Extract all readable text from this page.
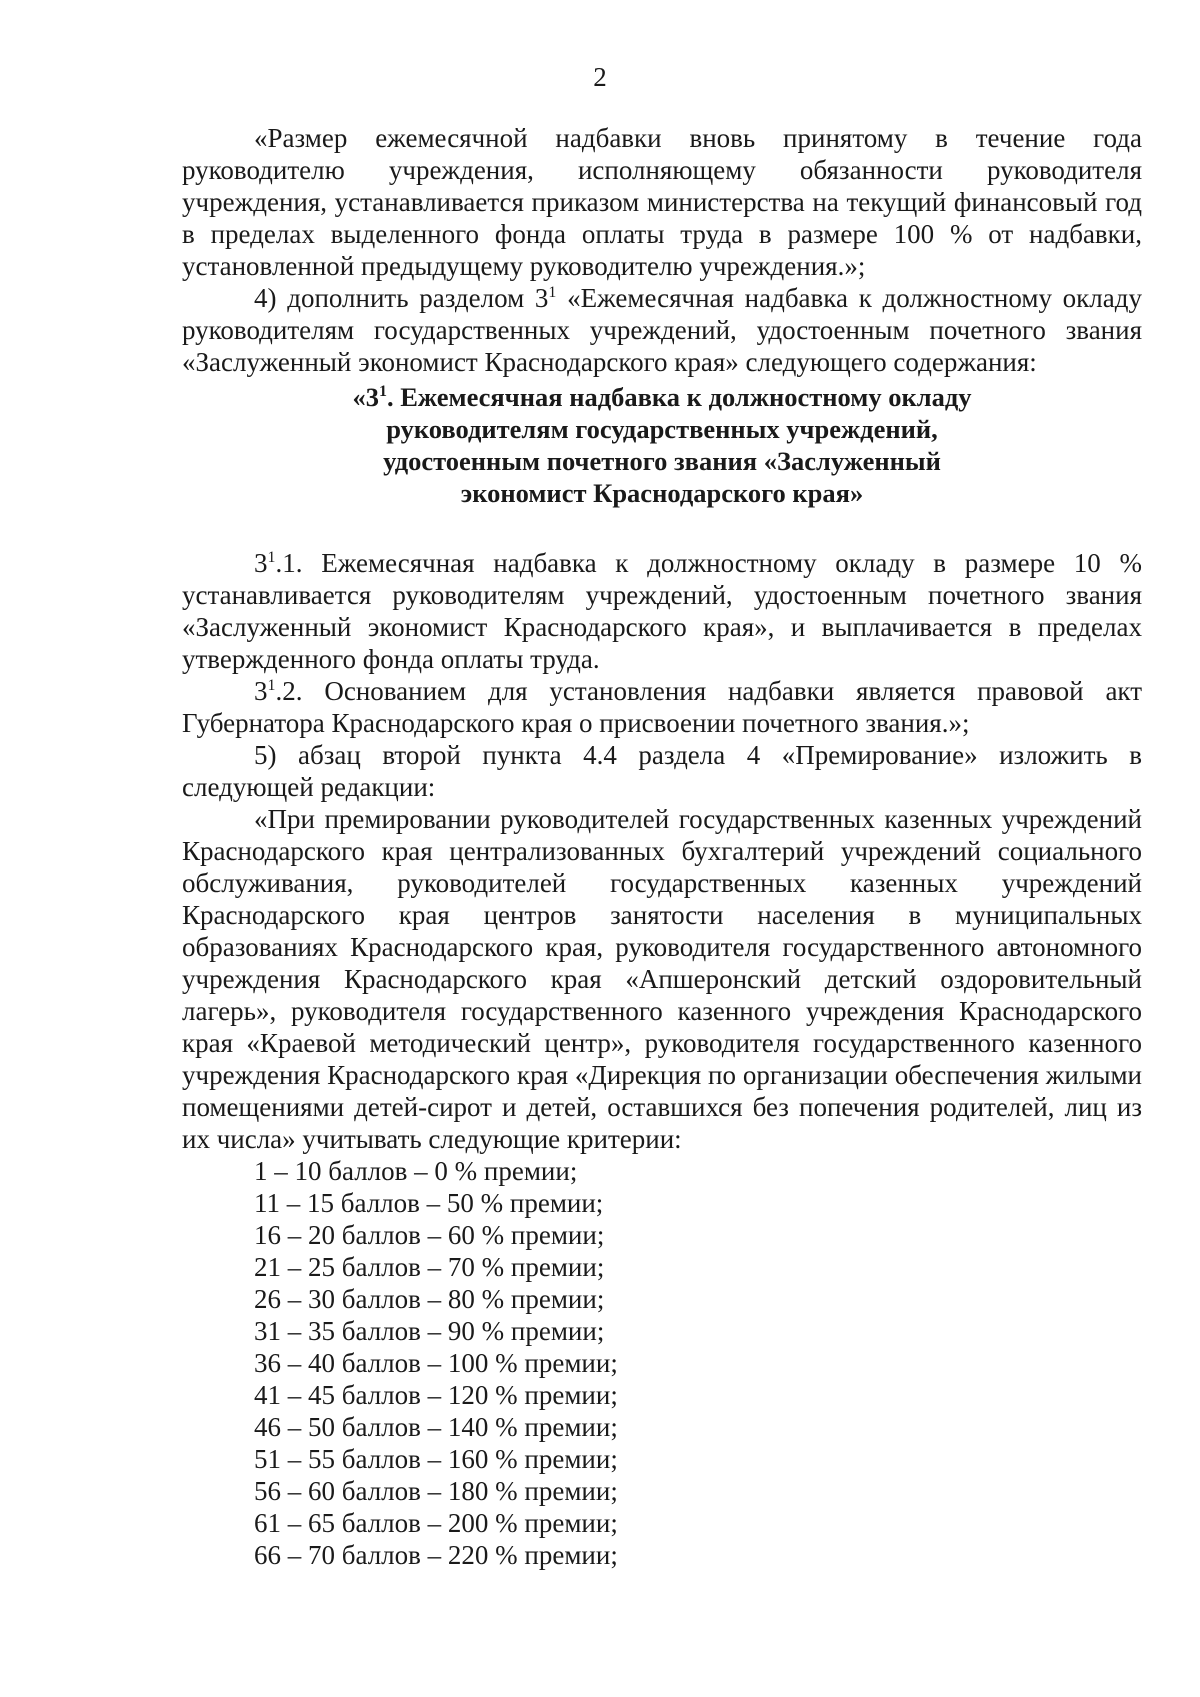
2

«Размер ежемесячной надбавки вновь принятому в течение года руководителю учреждения, исполняющему обязанности руководителя учреждения, устанавливается приказом министерства на текущий финансовый год в пределах выделенного фонда оплаты труда в размере 100 % от надбавки, установленной предыдущему руководителю учреждения.»;

4) дополнить разделом $3^1$ «Ежемесячная надбавка к должностному окладу руководителям государственных учреждений, удостоенным почетного звания «Заслуженный экономист Краснодарского края» следующего содержания:

«$3^1$. Ежемесячная надбавка к должностному окладу
руководителям государственных учреждений,
удостоенным почетного звания «Заслуженный
экономист Краснодарского края»

$3^1.1$. Ежемесячная надбавка к должностному окладу в размере 10 % устанавливается руководителям учреждений, удостоенным почетного звания «Заслуженный экономист Краснодарского края», и выплачивается в пределах утвержденного фонда оплаты труда.

$3^1.2$. Основанием для установления надбавки является правовой акт Губернатора Краснодарского края о присвоении почетного звания.»;

5) абзац второй пункта 4.4 раздела 4 «Премирование» изложить в следующей редакции:

«При премировании руководителей государственных казенных учреждений Краснодарского края централизованных бухгалтерий учреждений социального обслуживания, руководителей государственных казенных учреждений Краснодарского края центров занятости населения в муниципальных образованиях Краснодарского края, руководителя государственного автономного учреждения Краснодарского края «Апшеронский детский оздоровительный лагерь», руководителя государственного казенного учреждения Краснодарского края «Краевой методический центр», руководителя государственного казенного учреждения Краснодарского края «Дирекция по организации обеспечения жилыми помещениями детей-сирот и детей, оставшихся без попечения родителей, лиц из их числа» учитывать следующие критерии:

1 – 10 баллов – 0 % премии;
11 – 15 баллов – 50 % премии;
16 – 20 баллов – 60 % премии;
21 – 25 баллов – 70 % премии;
26 – 30 баллов – 80 % премии;
31 – 35 баллов – 90 % премии;
36 – 40 баллов – 100 % премии;
41 – 45 баллов – 120 % премии;
46 – 50 баллов – 140 % премии;
51 – 55 баллов – 160 % премии;
56 – 60 баллов – 180 % премии;
61 – 65 баллов – 200 % премии;
66 – 70 баллов – 220 % премии;
